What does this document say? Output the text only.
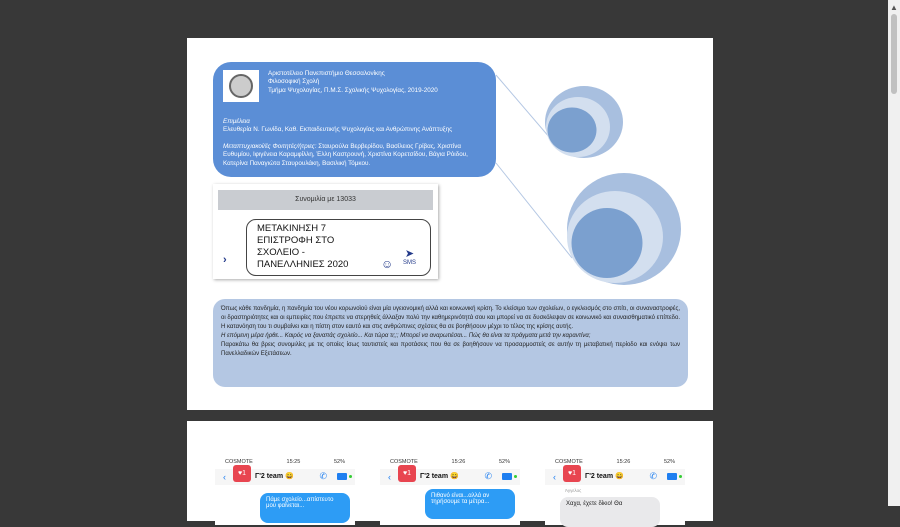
Αριστοτέλειο Πανεπιστήμιο Θεσσαλονίκης
Φιλοσοφική Σχολή
Τμήμα Ψυχολογίας, Π.Μ.Σ. Σχολικής Ψυχολογίας, 2019-2020
Επιμέλεια
Ελευθερία Ν. Γωνίδα, Καθ. Εκπαιδευτικής Ψυχολογίας και Ανθρώπινης Ανάπτυξης
Μεταπτυχιακοί/ές Φοιτητές/ήτριες: Σταυρούλα Βερβερίδου, Βασίλειος Γρίβας, Χριστίνα Ευθυμίου, Ιφιγένεια Καραμφίλλη, Έλλη Καστρουνή, Χριστίνα Κορετσίδου, Βάγια Ρόιδου, Κατερίνα Παναγιώτα Σταυρουλάκη, Βασιλική Τόμκου.
Συνομιλία με 13033
›
ΜΕΤΑΚΙΝΗΣΗ 7
ΕΠΙΣΤΡΟΦΗ ΣΤΟ
ΣΧΟΛΕΙΟ -
ΠΑΝΕΛΛΗΝΙΕΣ 2020	☺
➤
SMS
Όπως κάθε πανδημία, η πανδημία του νέου κορωνοϊού είναι μία υγειονομική αλλά και κοινωνική κρίση. Το κλείσιμο των σχολείων, ο εγκλεισμός στο σπίτι, οι συναναστροφές, οι δραστηριότητες και οι εμπειρίες που έπρεπε να στερηθείς άλλαξαν πολύ την καθημερινότητά σου και μπορεί να σε δυσκόλεψαν σε κοινωνικό και συναισθηματικό επίπεδο. Η κατανόηση του τι συμβαίνει και η πίστη στον εαυτό και στις ανθρώπινες σχέσεις θα σε βοηθήσουν μέχρι το τέλος της κρίσης αυτής.
Η επόμενη μέρα ήρθε... Καιρός να ξαναπάς σχολείο... Και τώρα τι;;; Μπορεί να αναρωτιέσαι... Πώς θα είναι τα πράγματα μετά την καραντίνα;
Παρακάτω θα βρεις συνομιλίες με τις οποίες ίσως ταυτιστείς και προτάσεις που θα σε βοηθήσουν να προσαρμοστείς σε αυτήν τη μεταβατική περίοδο και ενόψει των Πανελλαδικών Εξετάσεων.
COSMOTE	15:25	52%
‹	♥1	Γ'2 team 😄	✆
Πάμε σχολείο...απίστευτο μου φαίνεται...
COSMOTE	15:26	52%
‹	♥1	Γ'2 team 😄	✆
Πιθανό είναι...αλλά αν τηρήσουμε τα μέτρα...
COSMOTE	15:26	52%
‹	♥1	Γ'2 team 😄	✆
Άγγελος
Χαχα, έχετε δίκιο! Θα
▲
